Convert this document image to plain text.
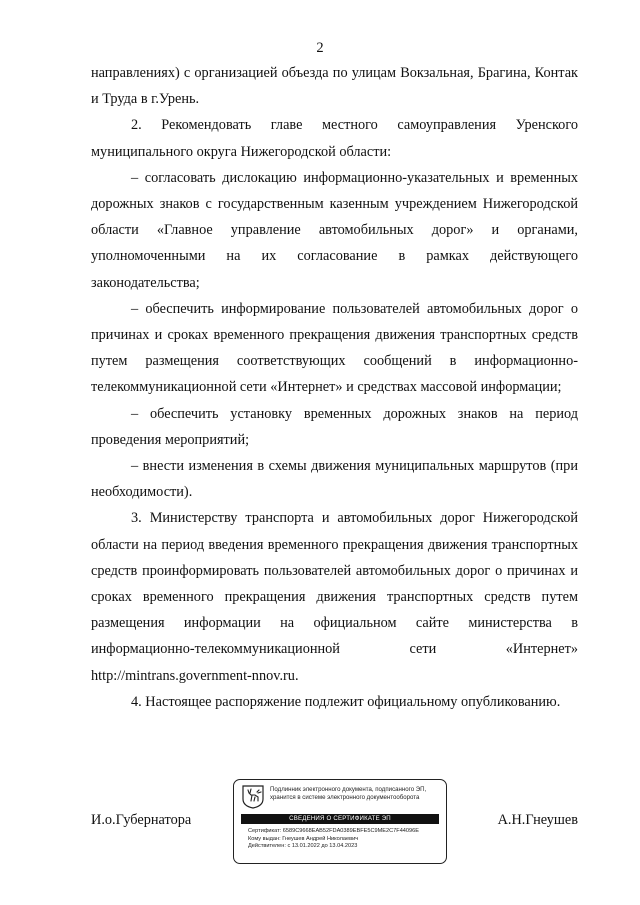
2

направлениях) с организацией объезда по улицам Вокзальная, Брагина, Контак и Труда в г.Урень.

2. Рекомендовать главе местного самоуправления Уренского муниципального округа Нижегородской области:

– согласовать дислокацию информационно-указательных и временных дорожных знаков с государственным казенным учреждением Нижегородской области «Главное управление автомобильных дорог» и органами, уполномоченными на их согласование в рамках действующего законодательства;

– обеспечить информирование пользователей автомобильных дорог о причинах и сроках временного прекращения движения транспортных средств путем размещения соответствующих сообщений в информационно-телекоммуникационной сети «Интернет» и средствах массовой информации;

– обеспечить установку временных дорожных знаков на период проведения мероприятий;

– внести изменения в схемы движения муниципальных маршрутов (при необходимости).

3. Министерству транспорта и автомобильных дорог Нижегородской области на период введения временного прекращения движения транспортных средств проинформировать пользователей автомобильных дорог о причинах и сроках временного прекращения движения транспортных средств путем размещения информации на официальном сайте министерства в информационно-телекоммуникационной сети «Интернет» http://mintrans.government-nnov.ru.

4. Настоящее распоряжение подлежит официальному опубликованию.

И.о.Губернатора	А.Н.Гнеушев
Подлинник электронного документа, подписанного ЭП, хранится в системе электронного документооборота
СВЕДЕНИЯ О СЕРТИФИКАТЕ ЭП
Сертификат: 6589C9668EAB52FDA0389EBFE5C9ME2C7F44096E
Кому выдан: Гнеушев Андрей Николаевич
Действителен: с 13.01.2022 до 13.04.2023
